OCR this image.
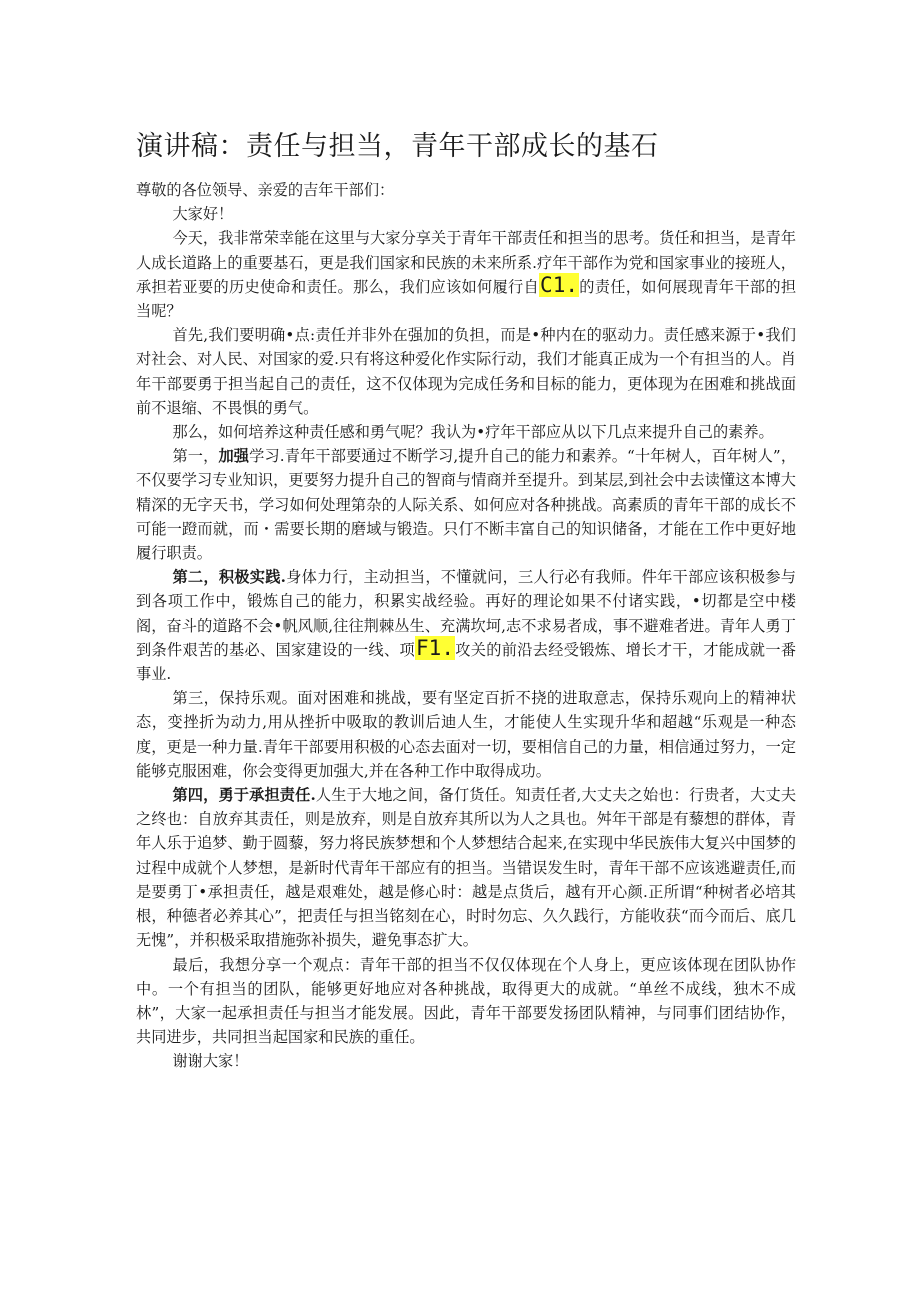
演讲稿：责任与担当，青年干部成长的基石

尊敬的各位领导、亲爱的吉年干部们：

大家好！

今天，我非常荣幸能在这里与大家分享关于青年干部责任和担当的思考。货任和担当，是青年人成长道路上的重要基石，更是我们国家和民族的未来所系.疗年干部作为党和国家事业的接班人，承担若亚要的历史使命和责任。那么，我们应该如何履行自C1.的责任，如何展现青年干部的担当呢？

首先,我们要明确•点:责任并非外在强加的负担，而是•种内在的驱动力。责任感来源于•我们对社会、对人民、对国家的爱.只有将这种爱化作实际行动，我们才能真正成为一个有担当的人。肖年干部要勇于担当起自己的责任，这不仅体现为完成任务和目标的能力，更体现为在困难和挑战面前不退缩、不畏惧的勇气。

那么，如何培养这种责任感和勇气呢？我认为•疗年干部应从以下几点来提升自己的素养。

第一，加强学习.青年干部要通过不断学习,提升自己的能力和素养。“十年树人，百年树人”，不仅要学习专业知识，更要努力提升自己的智商与情商并至提升。到某层,到社会中去读懂这本博大精深的无字天书，学习如何处理第杂的人际关系、如何应对各种挑战。高素质的青年干部的成长不可能一蹬而就，而・需要长期的磨域与锻造。只仃不断丰富自己的知识储备，才能在工作中更好地履行职责。

第二，积极实践.身体力行，主动担当，不懂就问，三人行必有我师。件年干部应该积极参与到各项工作中，锻炼自己的能力，积累实战经验。再好的理论如果不付诸实践，•切都是空中楼阁，奋斗的道路不会•帆风顺,往往荆棘丛生、充满坎坷,志不求易者成，事不避难者进。青年人勇丁到条件艰苦的基必、国家建设的一线、项F1.攻关的前沿去经受锻炼、增长才干，才能成就一番事业.

第三，保持乐观。面对困难和挑战，要有坚定百折不挠的进取意志，保持乐观向上的精神状态，变挫折为动力,用从挫折中吸取的教训后迪人生，才能使人生实现升华和超越“乐观是一种态度，更是一种力量.青年干部要用积极的心态去面对一切，要相信自己的力量，相信通过努力，一定能够克服困难，你会变得更加强大,并在各种工作中取得成功。

第四，勇于承担责任.人生于大地之间，备仃货任。知责任者,大丈夫之始也：行贵者，大丈夫之终也：自放弃其责任，则是放弃，则是自放弃其所以为人之具也。舛年干部是有藜想的群体，青年人乐于追梦、勤于圆藜，努力将民族梦想和个人梦想结合起来,在实现中华民族伟大复兴中国梦的过程中成就个人梦想，是新时代青年干部应有的担当。当错误发生时，青年干部不应该逃避责任,而是要勇丁•承担责任，越是艰难处，越是修心时：越是点货后，越有开心颜.正所谓“种树者必培其根，种德者必养其心”，把责任与担当铭刻在心，时时勿忘、久久践行，方能收获“而今而后、底几无愧”，并积极采取措施弥补损失，避免事态扩大。

最后，我想分享一个观点：青年干部的担当不仅仅体现在个人身上，更应该体现在团队协作中。一个有担当的团队，能够更好地应对各种挑战，取得更大的成就。“单丝不成线，独木不成林”，大家一起承担责任与担当才能发展。因此，青年干部要发扬团队精神，与同事们团结协作，共同进步，共同担当起国家和民族的重任。

谢谢大家！
